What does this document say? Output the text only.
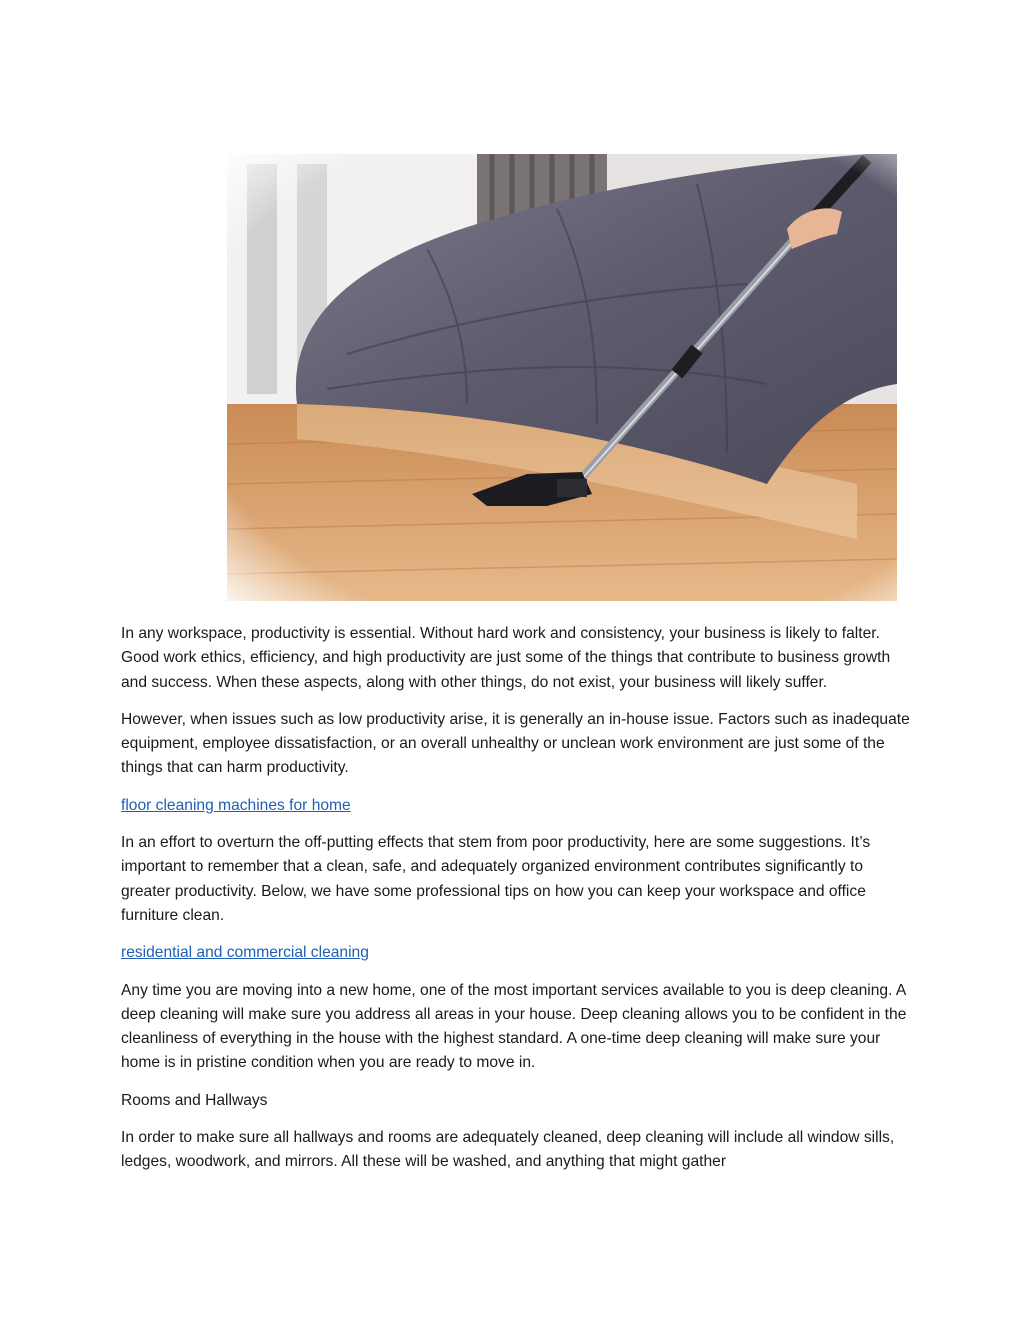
In any workspace, productivity is essential. Without hard work and consistency, your business is likely to falter. Good work ethics, efficiency, and high productivity are just some of the things that contribute to business growth and success. When these aspects, along with other things, do not exist, your business will likely suffer.

However, when issues such as low productivity arise, it is generally an in-house issue. Factors such as inadequate equipment, employee dissatisfaction, or an overall unhealthy or unclean work environment are just some of the things that can harm productivity.

floor cleaning machines for home

In an effort to overturn the off-putting effects that stem from poor productivity, here are some suggestions. It’s important to remember that a clean, safe, and adequately organized environment contributes significantly to greater productivity. Below, we have some professional tips on how you can keep your workspace and office furniture clean.

residential and commercial cleaning

Any time you are moving into a new home, one of the most important services available to you is deep cleaning. A deep cleaning will make sure you address all areas in your house. Deep cleaning allows you to be confident in the cleanliness of everything in the house with the highest standard. A one-time deep cleaning will make sure your home is in pristine condition when you are ready to move in.

Rooms and Hallways

In order to make sure all hallways and rooms are adequately cleaned, deep cleaning will include all window sills, ledges, woodwork, and mirrors. All these will be washed, and anything that might gather
